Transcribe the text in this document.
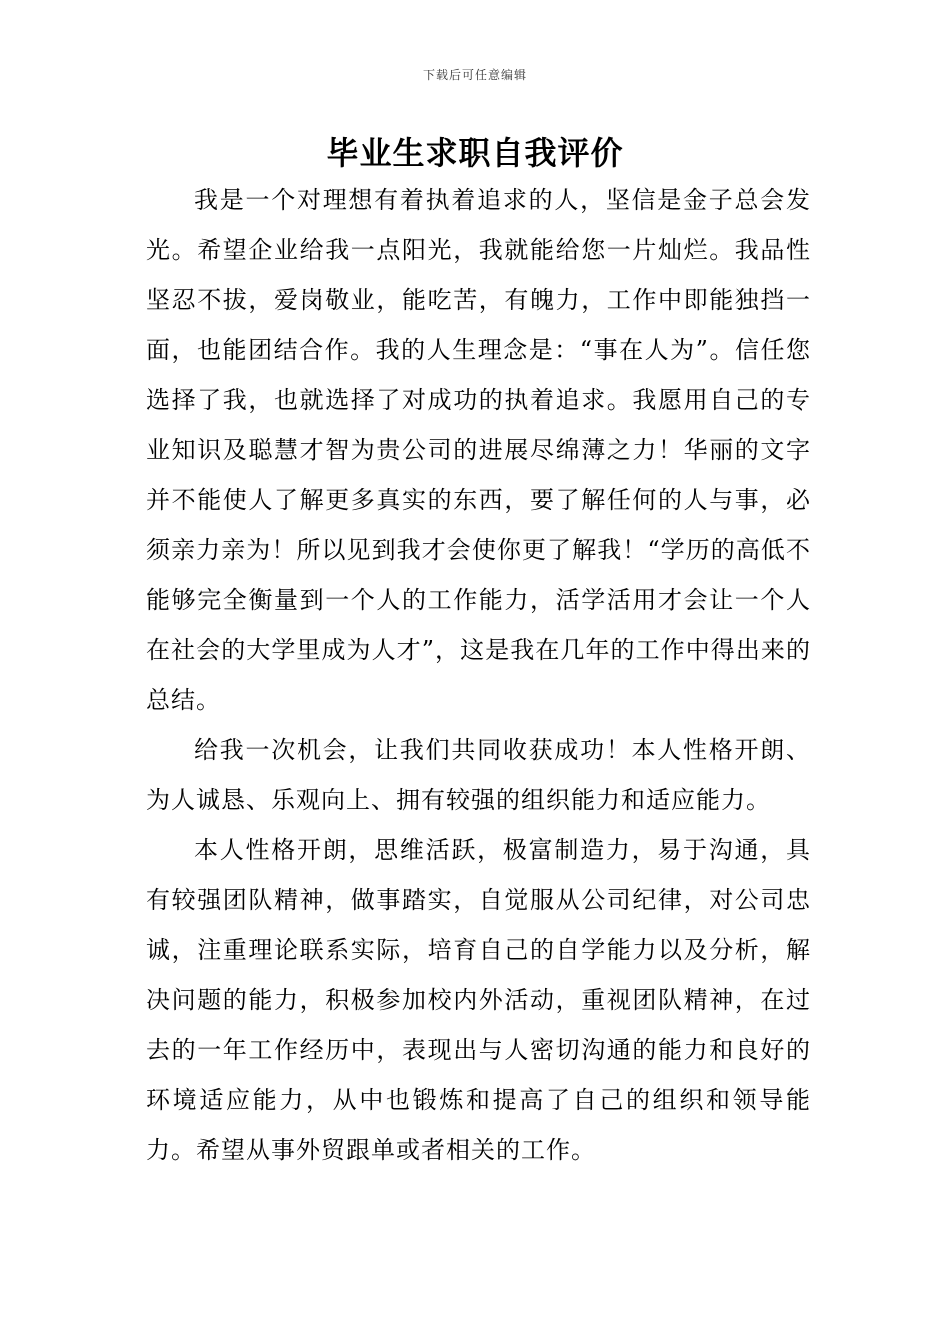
下载后可任意编辑
毕业生求职自我评价

我是一个对理想有着执着追求的人，坚信是金子总会发光。希望企业给我一点阳光，我就能给您一片灿烂。我品性坚忍不拔，爱岗敬业，能吃苦，有魄力，工作中即能独挡一面，也能团结合作。我的人生理念是：“事在人为”。信任您选择了我，也就选择了对成功的执着追求。我愿用自己的专业知识及聪慧才智为贵公司的进展尽绵薄之力！华丽的文字并不能使人了解更多真实的东西，要了解任何的人与事，必须亲力亲为！所以见到我才会使你更了解我！“学历的高低不能够完全衡量到一个人的工作能力，活学活用才会让一个人在社会的大学里成为人才”，这是我在几年的工作中得出来的总结。

给我一次机会，让我们共同收获成功！本人性格开朗、为人诚恳、乐观向上、拥有较强的组织能力和适应能力。

本人性格开朗，思维活跃，极富制造力，易于沟通，具有较强团队精神，做事踏实，自觉服从公司纪律，对公司忠诚，注重理论联系实际，培育自己的自学能力以及分析，解决问题的能力，积极参加校内外活动，重视团队精神，在过去的一年工作经历中，表现出与人密切沟通的能力和良好的环境适应能力，从中也锻炼和提高了自己的组织和领导能力。希望从事外贸跟单或者相关的工作。
